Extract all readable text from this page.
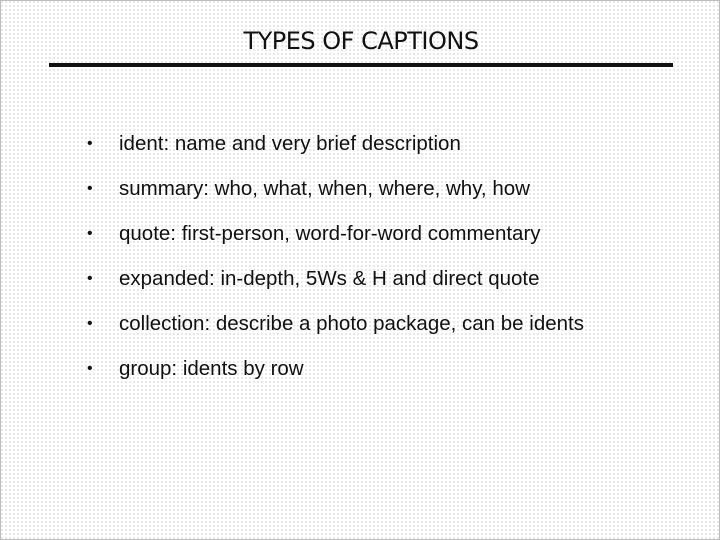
TYPES OF CAPTIONS
•	ident: name and very brief description
•	summary: who, what, when, where, why, how
•	quote: first-person, word-for-word commentary
•	expanded: in-depth, 5Ws & H and direct quote
•	collection: describe a photo package, can be idents
•	group: idents by row
